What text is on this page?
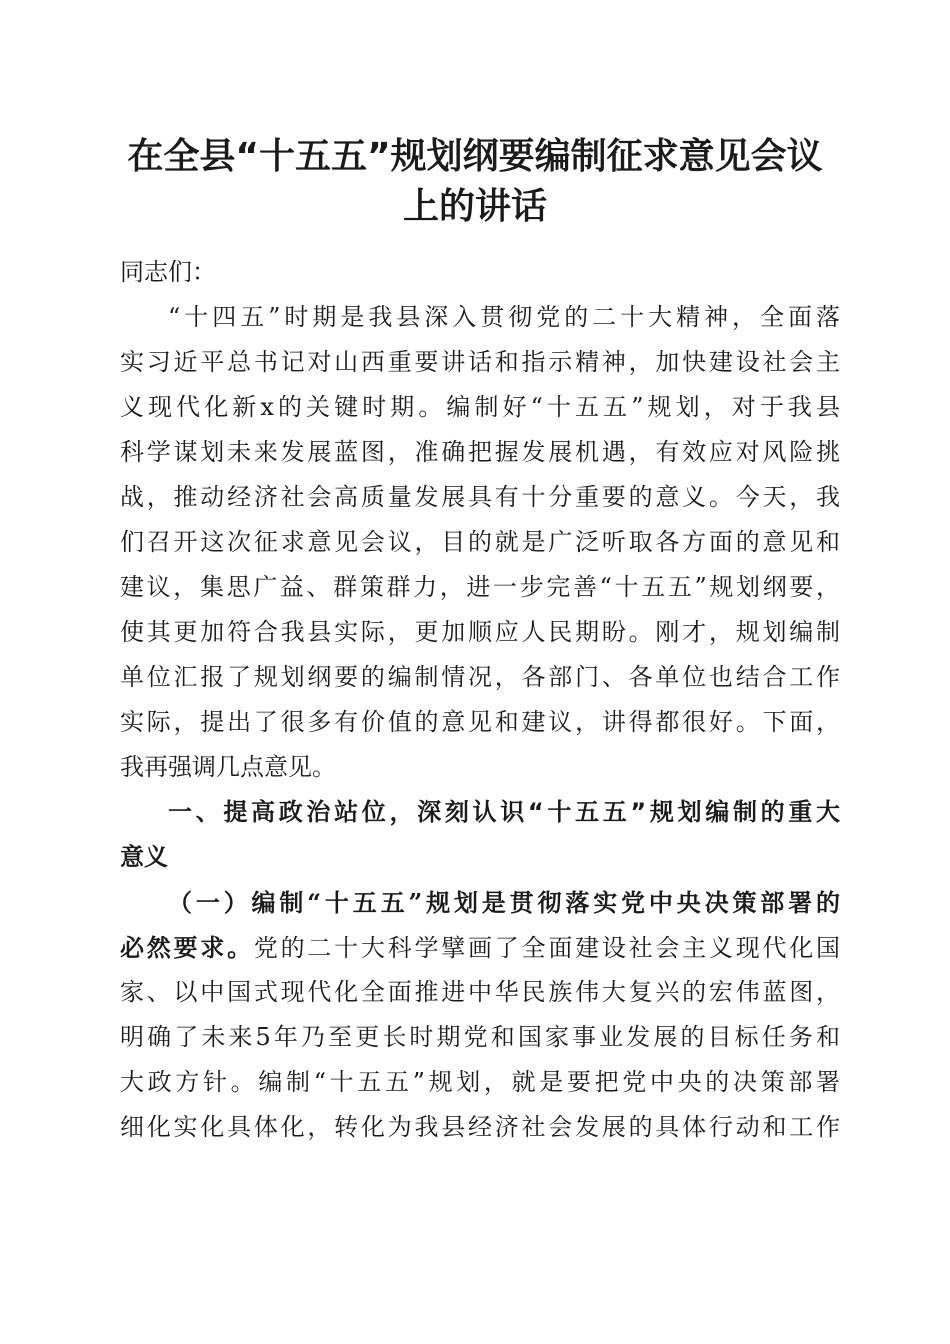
在全县“十五五”规划纲要编制征求意见会议
上的讲话
同志们：
“十四五”时期是我县深入贯彻党的二十大精神，全面落
实习近平总书记对山西重要讲话和指示精神，加快建设社会主
义现代化新x的关键时期。编制好“十五五”规划，对于我县
科学谋划未来发展蓝图，准确把握发展机遇，有效应对风险挑
战，推动经济社会高质量发展具有十分重要的意义。今天，我
们召开这次征求意见会议，目的就是广泛听取各方面的意见和
建议，集思广益、群策群力，进一步完善“十五五”规划纲要，
使其更加符合我县实际，更加顺应人民期盼。刚才，规划编制
单位汇报了规划纲要的编制情况，各部门、各单位也结合工作
实际，提出了很多有价值的意见和建议，讲得都很好。下面，
我再强调几点意见。
一、提高政治站位，深刻认识“十五五”规划编制的重大
意义
（一）编制“十五五”规划是贯彻落实党中央决策部署的
必然要求。党的二十大科学擘画了全面建设社会主义现代化国
家、以中国式现代化全面推进中华民族伟大复兴的宏伟蓝图，
明确了未来5年乃至更长时期党和国家事业发展的目标任务和
大政方针。编制“十五五”规划，就是要把党中央的决策部署
细化实化具体化，转化为我县经济社会发展的具体行动和工作
